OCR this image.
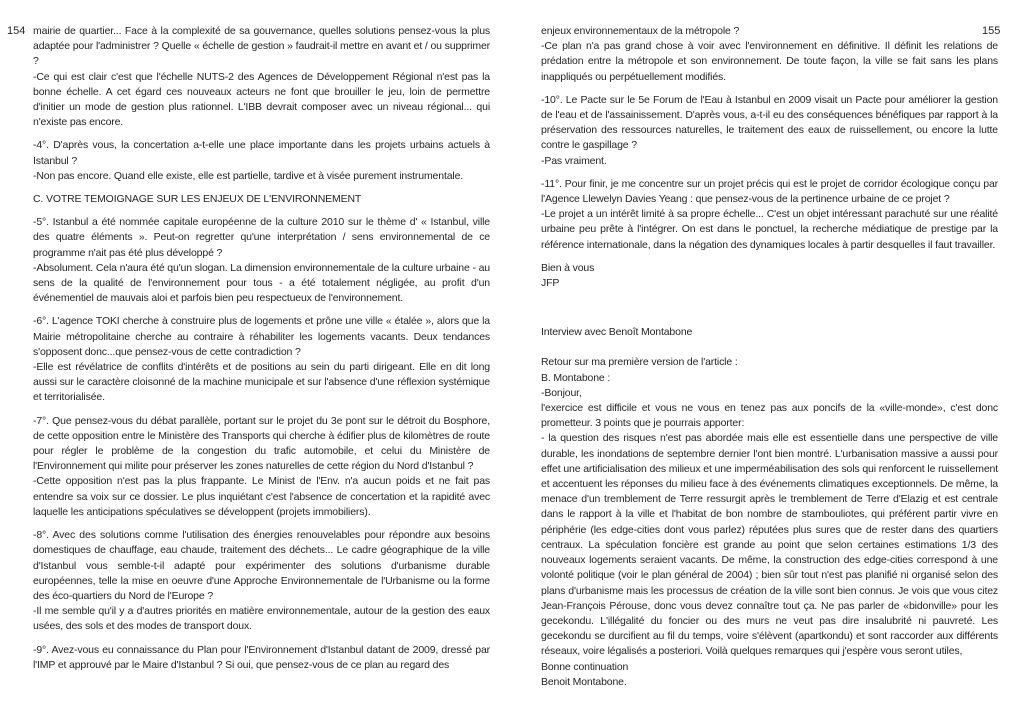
154 mairie de quartier... Face à la complexité de sa gouvernance, quelles solutions pensez-vous la plus adaptée pour l'administrer ? Quelle « échelle de gestion » faudrait-il mettre en avant et / ou supprimer ?
-Ce qui est clair c'est que l'échelle NUTS-2 des Agences de Développement Régional n'est pas la bonne échelle. A cet égard ces nouveaux acteurs ne font que brouiller le jeu, loin de permettre d'initier un mode de gestion plus rationnel. L'IBB devrait composer avec un niveau régional... qui n'existe pas encore.

-4°. D'après vous, la concertation a-t-elle une place importante dans les projets urbains actuels à Istanbul ?
-Non pas encore. Quand elle existe, elle est partielle, tardive et à visée purement instrumentale.

C. VOTRE TEMOIGNAGE SUR LES ENJEUX DE L'ENVIRONNEMENT

-5°. Istanbul a été nommée capitale européenne de la culture 2010 sur le thème d' « Istanbul, ville des quatre éléments ». Peut-on regretter qu'une interprétation / sens environnemental de ce programme n'ait pas été plus développé ?
-Absolument. Cela n'aura été qu'un slogan. La dimension environnementale de la culture urbaine - au sens de la qualité de l'environnement pour tous - a été totalement négligée, au profit d'un événementiel de mauvais aloi et parfois bien peu respectueux de l'environnement.

-6°. L'agence TOKI cherche à construire plus de logements et prône une ville « étalée », alors que la Mairie métropolitaine cherche au contraire à réhabiliter les logements vacants. Deux tendances s'opposent donc...que pensez-vous de cette contradiction ?
-Elle est révélatrice de conflits d'intérêts et de positions au sein du parti dirigeant. Elle en dit long aussi sur le caractère cloisonné de la machine municipale et sur l'absence d'une réflexion systémique et territorialisée.

-7°. Que pensez-vous du débat parallèle, portant sur le projet du 3e pont sur le détroit du Bosphore, de cette opposition entre le Ministère des Transports qui cherche à édifier plus de kilomètres de route pour régler le problème de la congestion du trafic automobile, et celui du Ministère de l'Environnement qui milite pour préserver les zones naturelles de cette région du Nord d'Istanbul ?
-Cette opposition n'est pas la plus frappante. Le Minist de l'Env. n'a aucun poids et ne fait pas entendre sa voix sur ce dossier. Le plus inquiétant c'est l'absence de concertation et la rapidité avec laquelle les anticipations spéculatives se développent (projets immobiliers).

-8°. Avec des solutions comme l'utilisation des énergies renouvelables pour répondre aux besoins domestiques de chauffage, eau chaude, traitement des déchets... Le cadre géographique de la ville d'Istanbul vous semble-t-il adapté pour expérimenter des solutions d'urbanisme durable européennes, telle la mise en oeuvre d'une Approche Environnementale de l'Urbanisme ou la forme des éco-quartiers du Nord de l'Europe ?
-Il me semble qu'il y a d'autres priorités en matière environnementale, autour de la gestion des eaux usées, des sols et des modes de transport doux.

-9°. Avez-vous eu connaissance du Plan pour l'Environnement d'Istanbul datant de 2009, dressé par l'IMP et approuvé par le Maire d'Istanbul ? Si oui, que pensez-vous de ce plan au regard des

155

enjeux environnementaux de la métropole ?
-Ce plan n'a pas grand chose à voir avec l'environnement en définitive. Il définit les relations de prédation entre la métropole et son environnement. De toute façon, la ville se fait sans les plans inappliqués ou perpétuellement modifiés.

-10°. Le Pacte sur le 5e Forum de l'Eau à Istanbul en 2009 visait un Pacte pour améliorer la gestion de l'eau et de l'assainissement. D'après vous, a-t-il eu des conséquences bénéfiques par rapport à la préservation des ressources naturelles, le traitement des eaux de ruissellement, ou encore la lutte contre le gaspillage ?
-Pas vraiment.

-11°. Pour finir, je me concentre sur un projet précis qui est le projet de corridor écologique conçu par l'Agence Llewelyn Davies Yeang : que pensez-vous de la pertinence urbaine de ce projet ?
-Le projet a un intérêt limité à sa propre échelle... C'est un objet intéressant parachuté sur une réalité urbaine peu prête à l'intégrer. On est dans le ponctuel, la recherche médiatique de prestige par la référence internationale, dans la négation des dynamiques locales à partir desquelles il faut travailler.

Bien à vous
JFP

Interview avec Benoît Montabone

Retour sur ma première version de l'article :
B. Montabone :
-Bonjour,
l'exercice est difficile et vous ne vous en tenez pas aux poncifs de la «ville-monde», c'est donc prometteur. 3 points que je pourrais apporter:
- la question des risques n'est pas abordée mais elle est essentielle dans une perspective de ville durable, les inondations de septembre dernier l'ont bien montré. L'urbanisation massive a aussi pour effet une artificialisation des milieux et une imperméabilisation des sols qui renforcent le ruissellement et accentuent les réponses du milieu face à des événements climatiques exceptionnels. De même, la menace d'un tremblement de Terre ressurgit après le tremblement de Terre d'Elazig et est centrale dans le rapport à la ville et l'habitat de bon nombre de stambouliotes, qui préférent partir vivre en périphérie (les edge-cities dont vous parlez) réputées plus sures que de rester dans des quartiers centraux. La spéculation foncière est grande au point que selon certaines estimations 1/3 des nouveaux logements seraient vacants. De même, la construction des edge-cities correspond à une volonté politique (voir le plan général de 2004) ; bien sûr tout n'est pas planifié ni organisé selon des plans d'urbanisme mais les processus de création de la ville sont bien connus. Je vois que vous citez Jean-François Pérouse, donc vous devez connaître tout ça. Ne pas parler de «bidonville» pour les gecekondu. L'illégalité du foncier ou des murs ne veut pas dire insalubrité ni pauvreté. Les gecekondu se durcifient au fil du temps, voire s'élèvent (apartkondu) et sont raccorder aux différents réseaux, voire légalisés a posteriori. Voilà quelques remarques qui j'espère vous seront utiles,
Bonne continuation
Benoit Montabone.
